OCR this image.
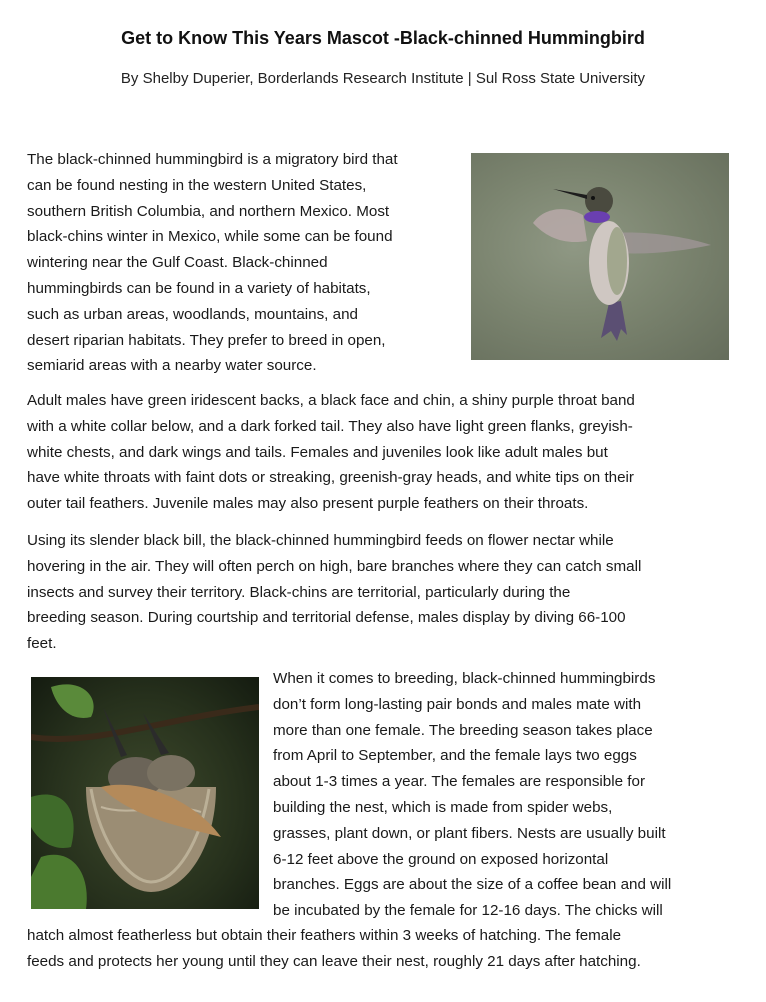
Get to Know This Years Mascot -Black-chinned Hummingbird
By Shelby Duperier, Borderlands Research Institute | Sul Ross State University
The black-chinned hummingbird is a migratory bird that
can be found nesting in the western United States,
southern British Columbia, and northern Mexico. Most
black-chins winter in Mexico, while some can be found
wintering near the Gulf Coast. Black-chinned
hummingbirds can be found in a variety of habitats,
such as urban areas, woodlands, mountains, and
desert riparian habitats. They prefer to breed in open,
semiarid areas with a nearby water source.
Adult males have green iridescent backs, a black face and chin, a shiny purple throat band
with a white collar below, and a dark forked tail. They also have light green flanks, greyish-
white chests, and dark wings and tails. Females and juveniles look like adult males but
have white throats with faint dots or streaking, greenish-gray heads, and white tips on their
outer tail feathers. Juvenile males may also present purple feathers on their throats.
Using its slender black bill, the black-chinned hummingbird feeds on flower nectar while
hovering in the air. They will often perch on high, bare branches where they can catch small
insects and survey their territory. Black-chins are territorial, particularly during the
breeding season. During courtship and territorial defense, males display by diving 66-100
feet.
When it comes to breeding, black-chinned hummingbirds
don’t form long-lasting pair bonds and males mate with
more than one female. The breeding season takes place
from April to September, and the female lays two eggs
about 1-3 times a year. The females are responsible for
building the nest, which is made from spider webs,
grasses, plant down, or plant fibers. Nests are usually built
6-12 feet above the ground on exposed horizontal
branches. Eggs are about the size of a coffee bean and will
be incubated by the female for 12-16 days. The chicks will
hatch almost featherless but obtain their feathers within 3 weeks of hatching. The female
feeds and protects her young until they can leave their nest, roughly 21 days after hatching.
